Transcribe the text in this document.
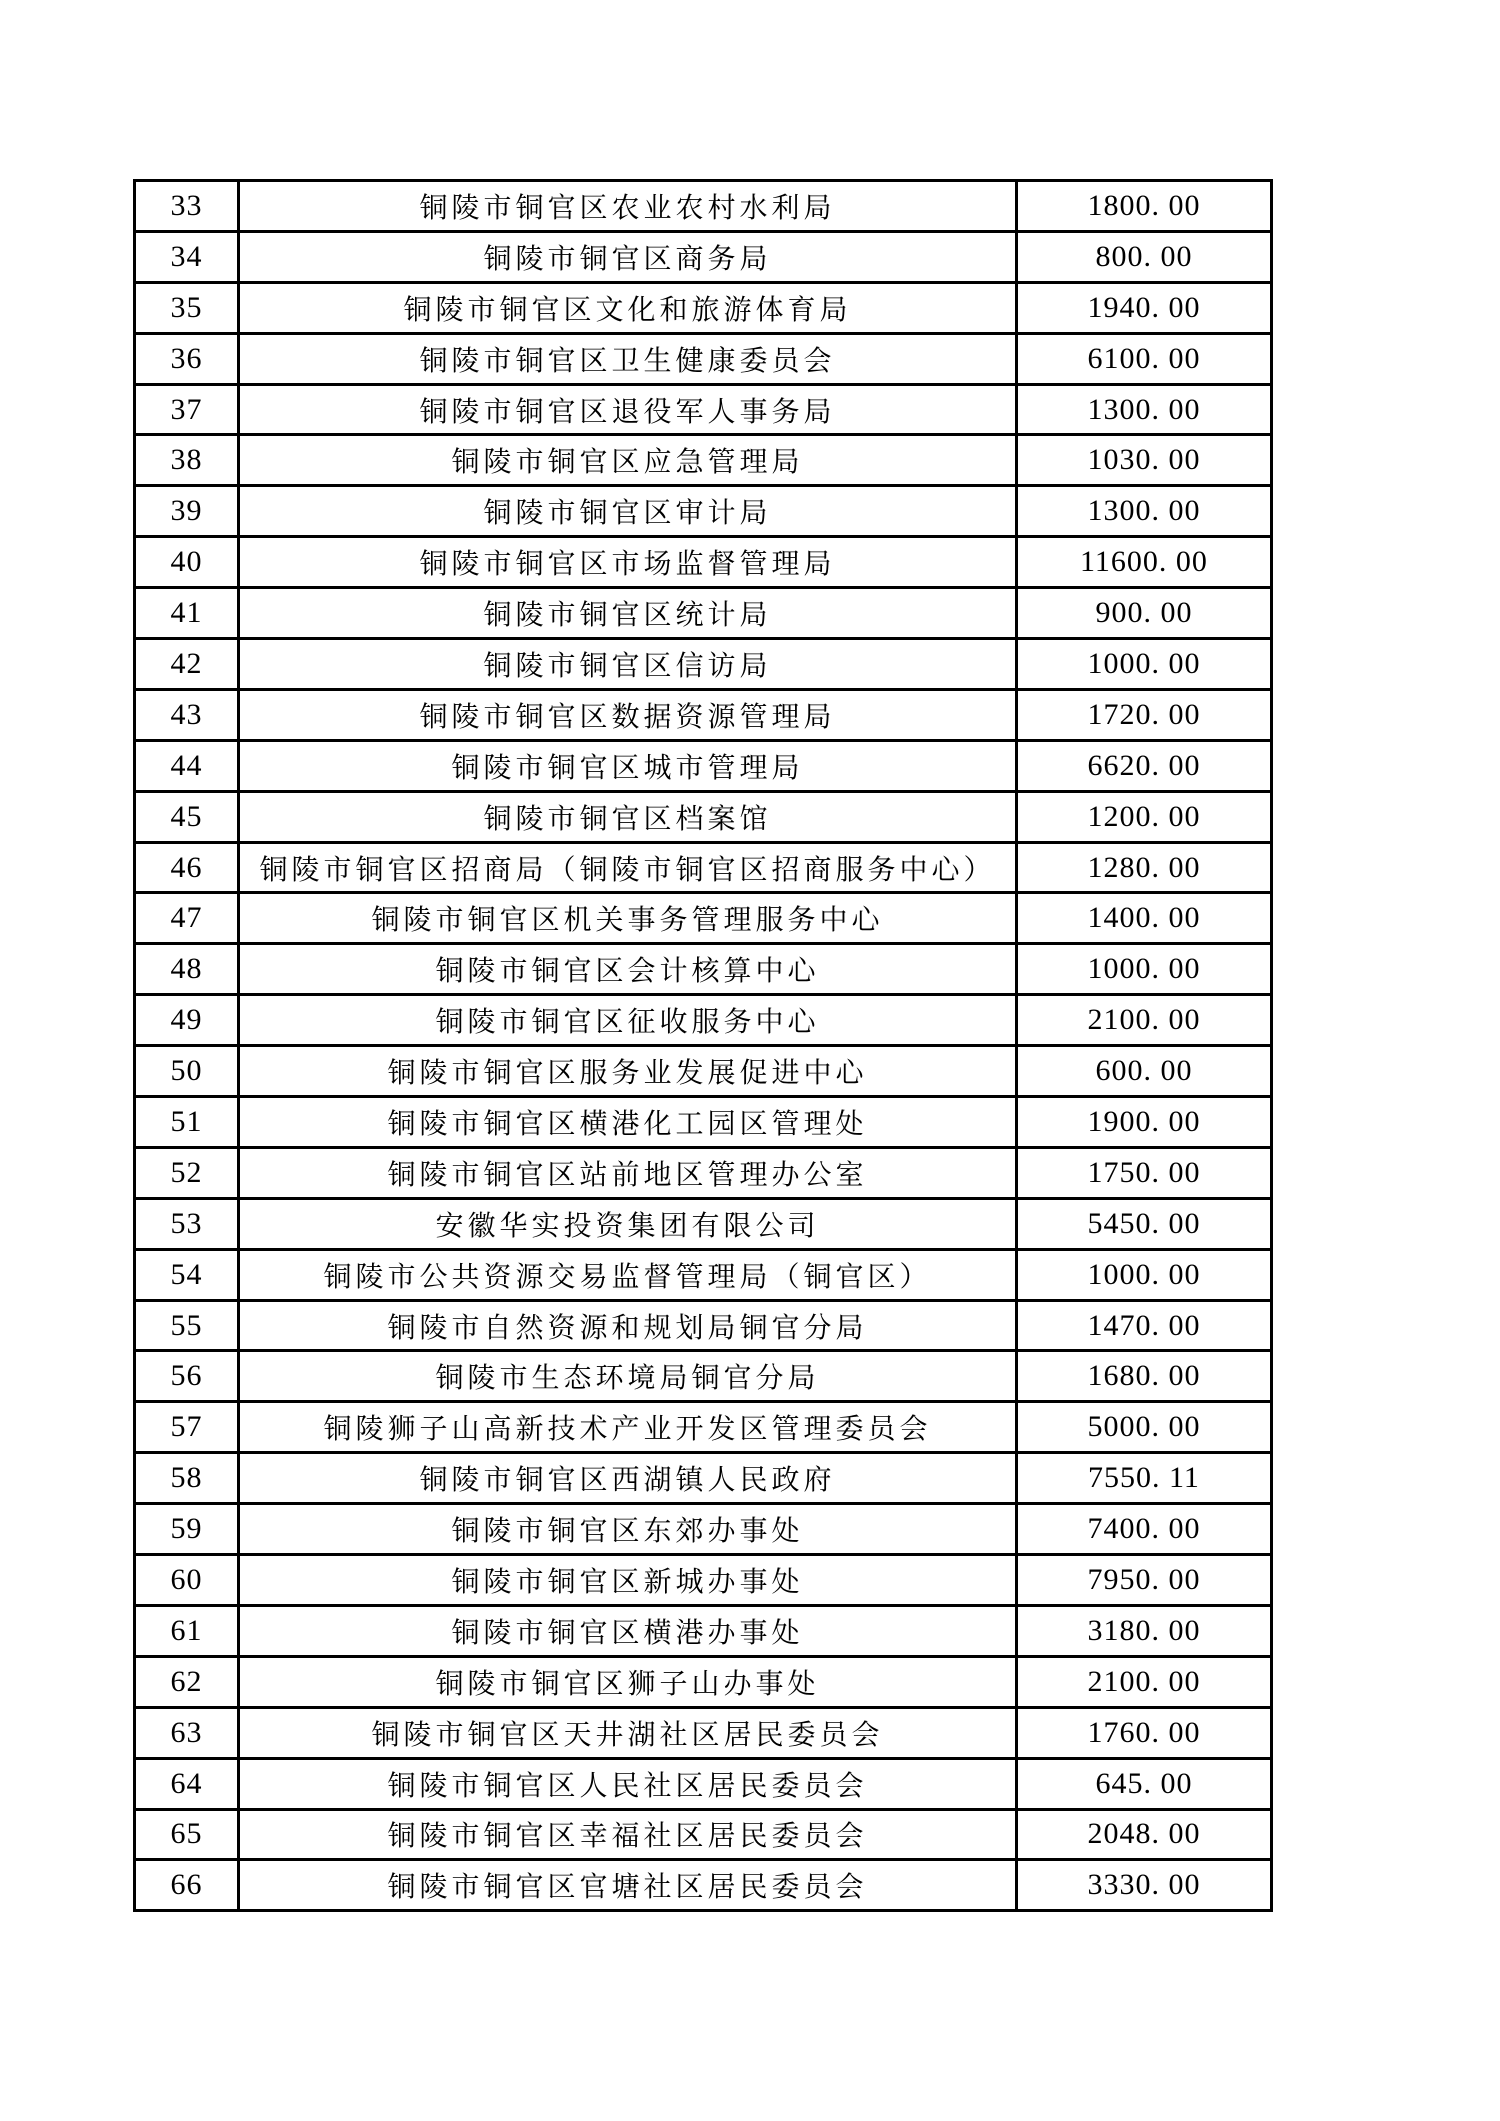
33	铜陵市铜官区农业农村水利局	1800. 00
34	铜陵市铜官区商务局	800. 00
35	铜陵市铜官区文化和旅游体育局	1940. 00
36	铜陵市铜官区卫生健康委员会	6100. 00
37	铜陵市铜官区退役军人事务局	1300. 00
38	铜陵市铜官区应急管理局	1030. 00
39	铜陵市铜官区审计局	1300. 00
40	铜陵市铜官区市场监督管理局	11600. 00
41	铜陵市铜官区统计局	900. 00
42	铜陵市铜官区信访局	1000. 00
43	铜陵市铜官区数据资源管理局	1720. 00
44	铜陵市铜官区城市管理局	6620. 00
45	铜陵市铜官区档案馆	1200. 00
46	铜陵市铜官区招商局（铜陵市铜官区招商服务中心）	1280. 00
47	铜陵市铜官区机关事务管理服务中心	1400. 00
48	铜陵市铜官区会计核算中心	1000. 00
49	铜陵市铜官区征收服务中心	2100. 00
50	铜陵市铜官区服务业发展促进中心	600. 00
51	铜陵市铜官区横港化工园区管理处	1900. 00
52	铜陵市铜官区站前地区管理办公室	1750. 00
53	安徽华实投资集团有限公司	5450. 00
54	铜陵市公共资源交易监督管理局（铜官区）	1000. 00
55	铜陵市自然资源和规划局铜官分局	1470. 00
56	铜陵市生态环境局铜官分局	1680. 00
57	铜陵狮子山高新技术产业开发区管理委员会	5000. 00
58	铜陵市铜官区西湖镇人民政府	7550. 11
59	铜陵市铜官区东郊办事处	7400. 00
60	铜陵市铜官区新城办事处	7950. 00
61	铜陵市铜官区横港办事处	3180. 00
62	铜陵市铜官区狮子山办事处	2100. 00
63	铜陵市铜官区天井湖社区居民委员会	1760. 00
64	铜陵市铜官区人民社区居民委员会	645. 00
65	铜陵市铜官区幸福社区居民委员会	2048. 00
66	铜陵市铜官区官塘社区居民委员会	3330. 00
